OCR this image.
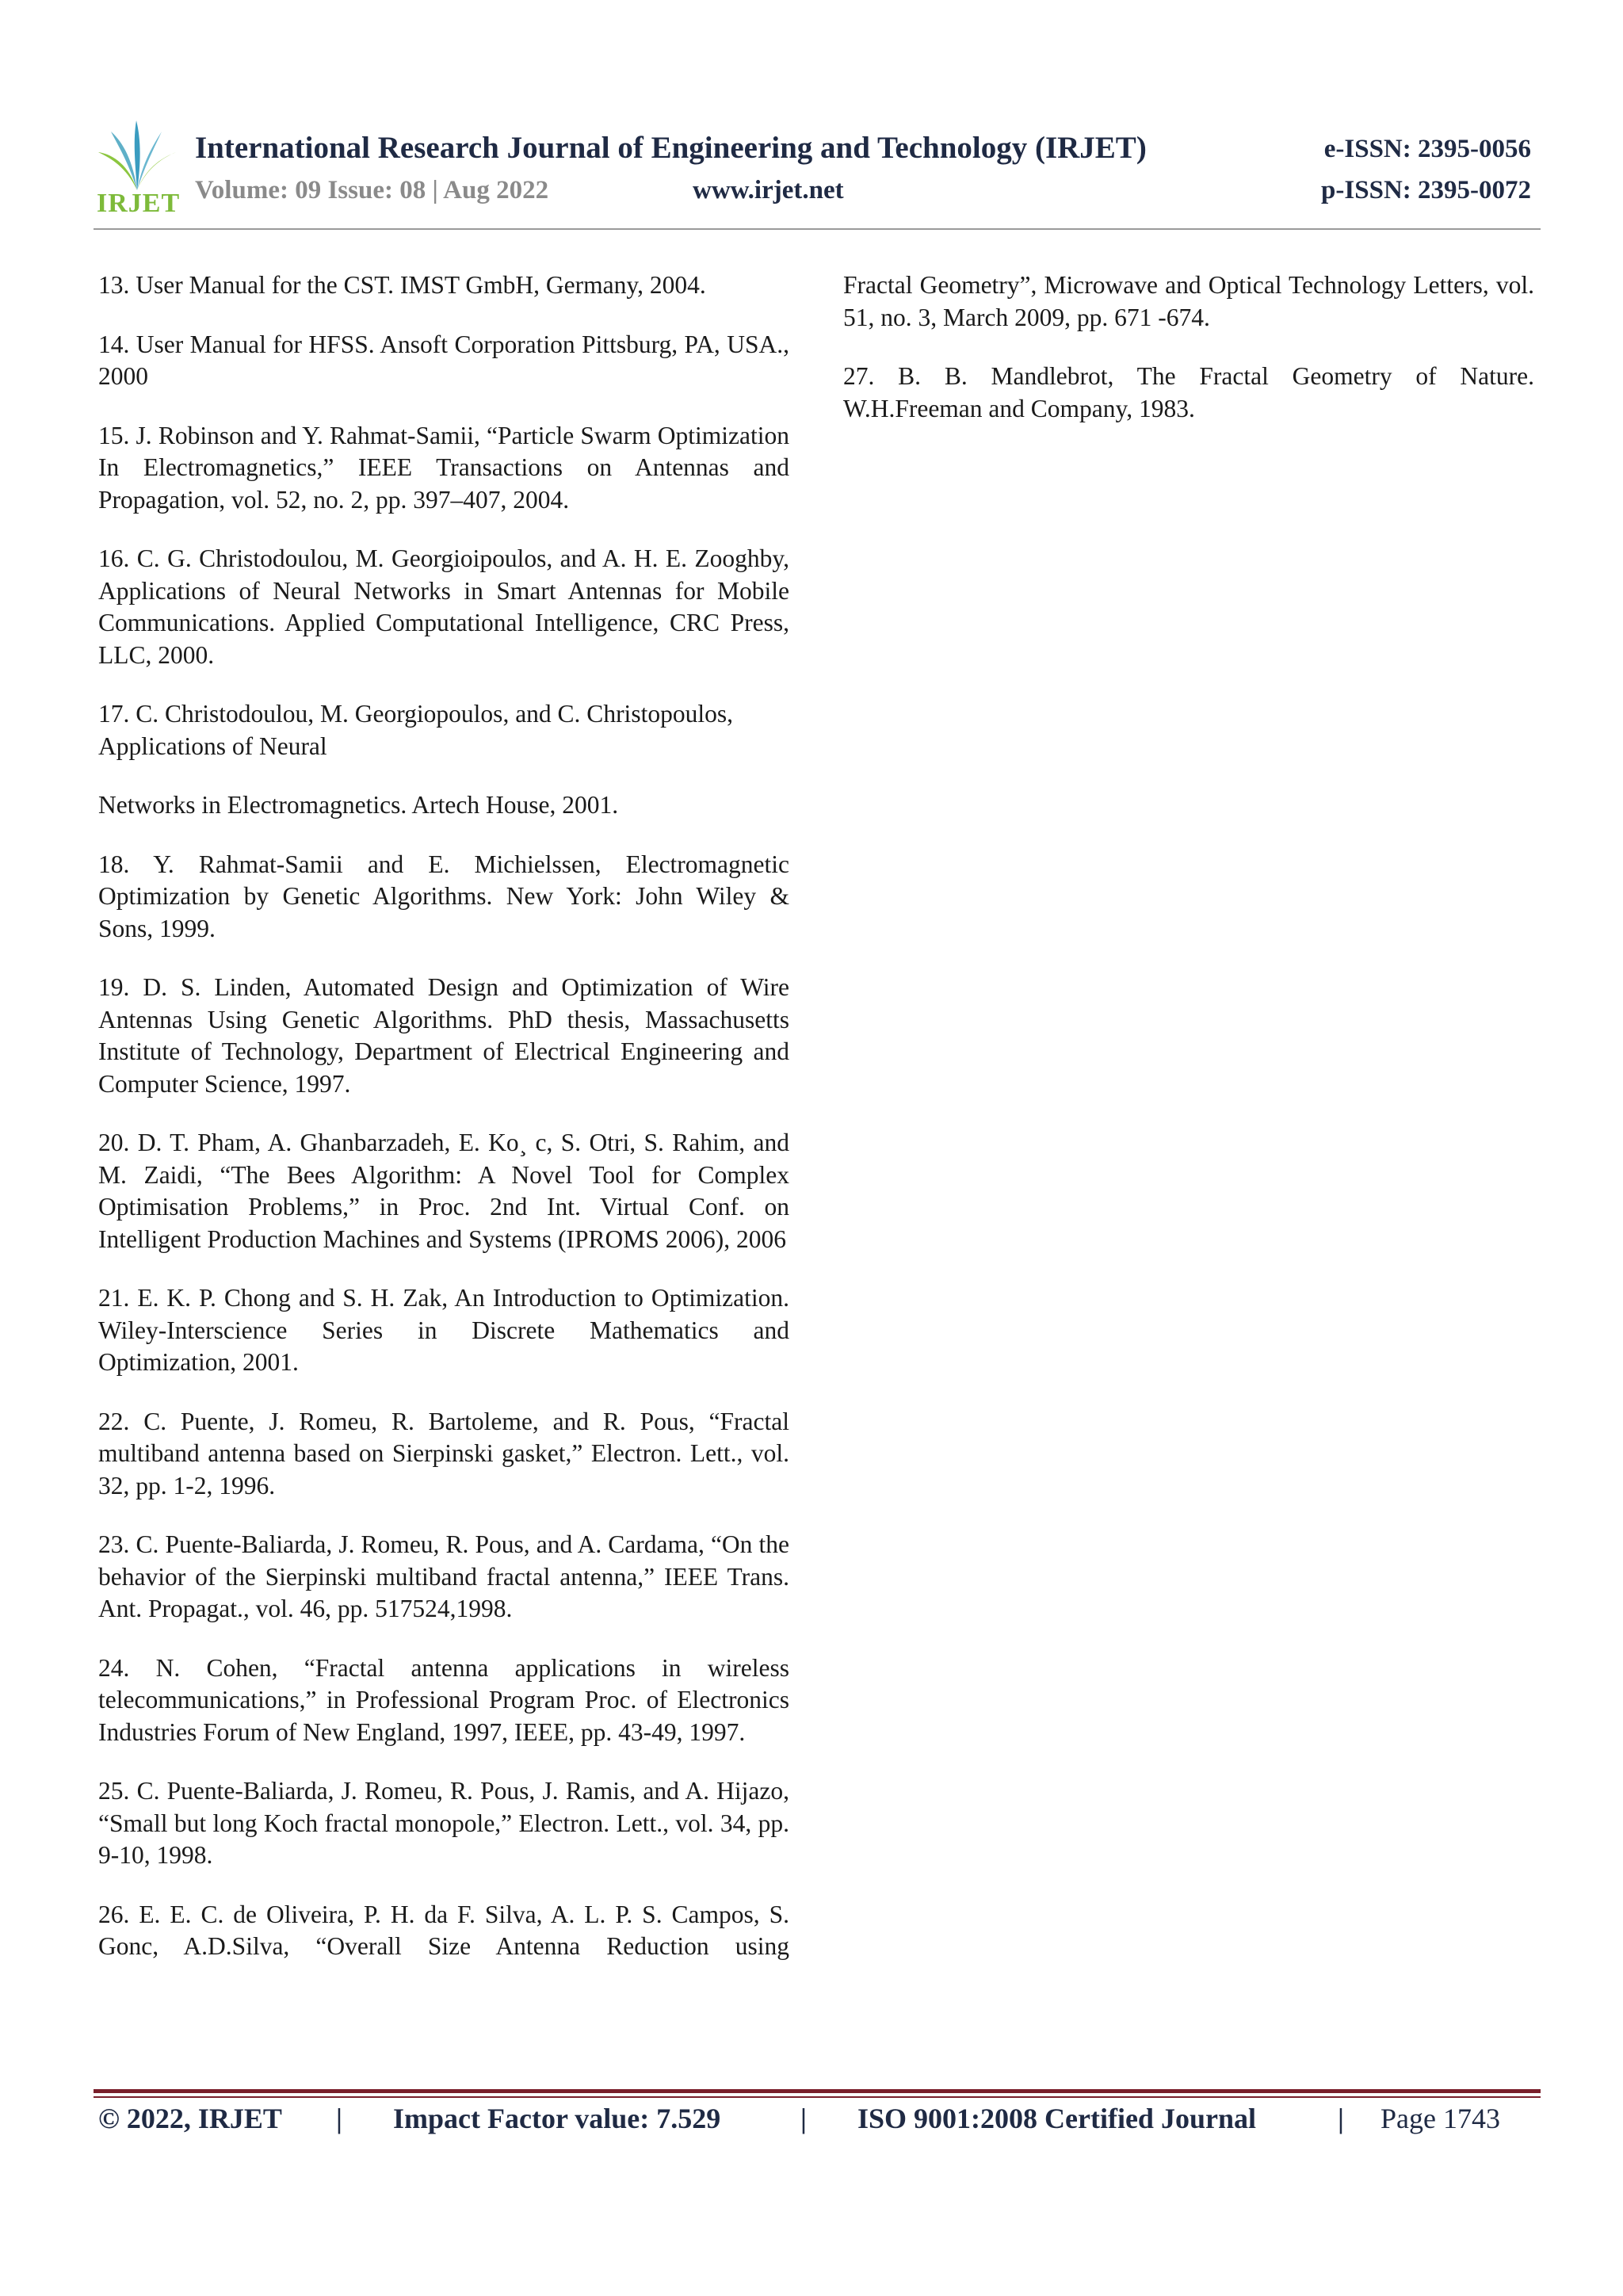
IRJET
International Research Journal of Engineering and Technology (IRJET)	e-ISSN: 2395-0056
Volume: 09 Issue: 08 | Aug 2022	www.irjet.net	p-ISSN: 2395-0072

13. User Manual for the CST. IMST GmbH, Germany, 2004.

14. User Manual for HFSS. Ansoft Corporation Pittsburg, PA, USA., 2000

15. J. Robinson and Y. Rahmat-Samii, “Particle Swarm Optimization In Electromagnetics,” IEEE Transactions on Antennas and Propagation, vol. 52, no. 2, pp. 397–407, 2004.

16. C. G. Christodoulou, M. Georgioipoulos, and A. H. E. Zooghby, Applications of Neural Networks in Smart Antennas for Mobile Communications. Applied Computational Intelligence, CRC Press, LLC, 2000.

17. C. Christodoulou, M. Georgiopoulos, and C. Christopoulos, Applications of Neural

Networks in Electromagnetics. Artech House, 2001.

18. Y. Rahmat-Samii and E. Michielssen, Electromagnetic Optimization by Genetic Algorithms. New York: John Wiley & Sons, 1999.

19. D. S. Linden, Automated Design and Optimization of Wire Antennas Using Genetic Algorithms. PhD thesis, Massachusetts Institute of Technology, Department of Electrical Engineering and Computer Science, 1997.

20. D. T. Pham, A. Ghanbarzadeh, E. Ko¸ c, S. Otri, S. Rahim, and M. Zaidi, “The Bees Algorithm: A Novel Tool for Complex Optimisation Problems,” in Proc. 2nd Int. Virtual Conf. on Intelligent Production Machines and Systems (IPROMS 2006), 2006

21. E. K. P. Chong and S. H. Zak, An Introduction to Optimization. Wiley-Interscience Series in Discrete Mathematics and Optimization, 2001.

22. C. Puente, J. Romeu, R. Bartoleme, and R. Pous, “Fractal multiband antenna based on Sierpinski gasket,” Electron. Lett., vol. 32, pp. 1-2, 1996.

23. C. Puente-Baliarda, J. Romeu, R. Pous, and A. Cardama, “On the behavior of the Sierpinski multiband fractal antenna,” IEEE Trans. Ant. Propagat., vol. 46, pp. 517524,1998.

24. N. Cohen, “Fractal antenna applications in wireless telecommunications,” in Professional Program Proc. of Electronics Industries Forum of New England, 1997, IEEE, pp. 43-49, 1997.

25. C. Puente-Baliarda, J. Romeu, R. Pous, J. Ramis, and A. Hijazo, “Small but long Koch fractal monopole,” Electron. Lett., vol. 34, pp. 9-10, 1998.

26. E. E. C. de Oliveira, P. H. da F. Silva, A. L. P. S. Campos, S. Gonc, A.D.Silva, “Overall Size Antenna Reduction using

Fractal Geometry”, Microwave and Optical Technology Letters, vol. 51, no. 3, March 2009, pp. 671 -674.

27. B. B. Mandlebrot, The Fractal Geometry of Nature. W.H.Freeman and Company, 1983.

© 2022, IRJET | Impact Factor value: 7.529	| ISO 9001:2008 Certified Journal	| Page 1743
